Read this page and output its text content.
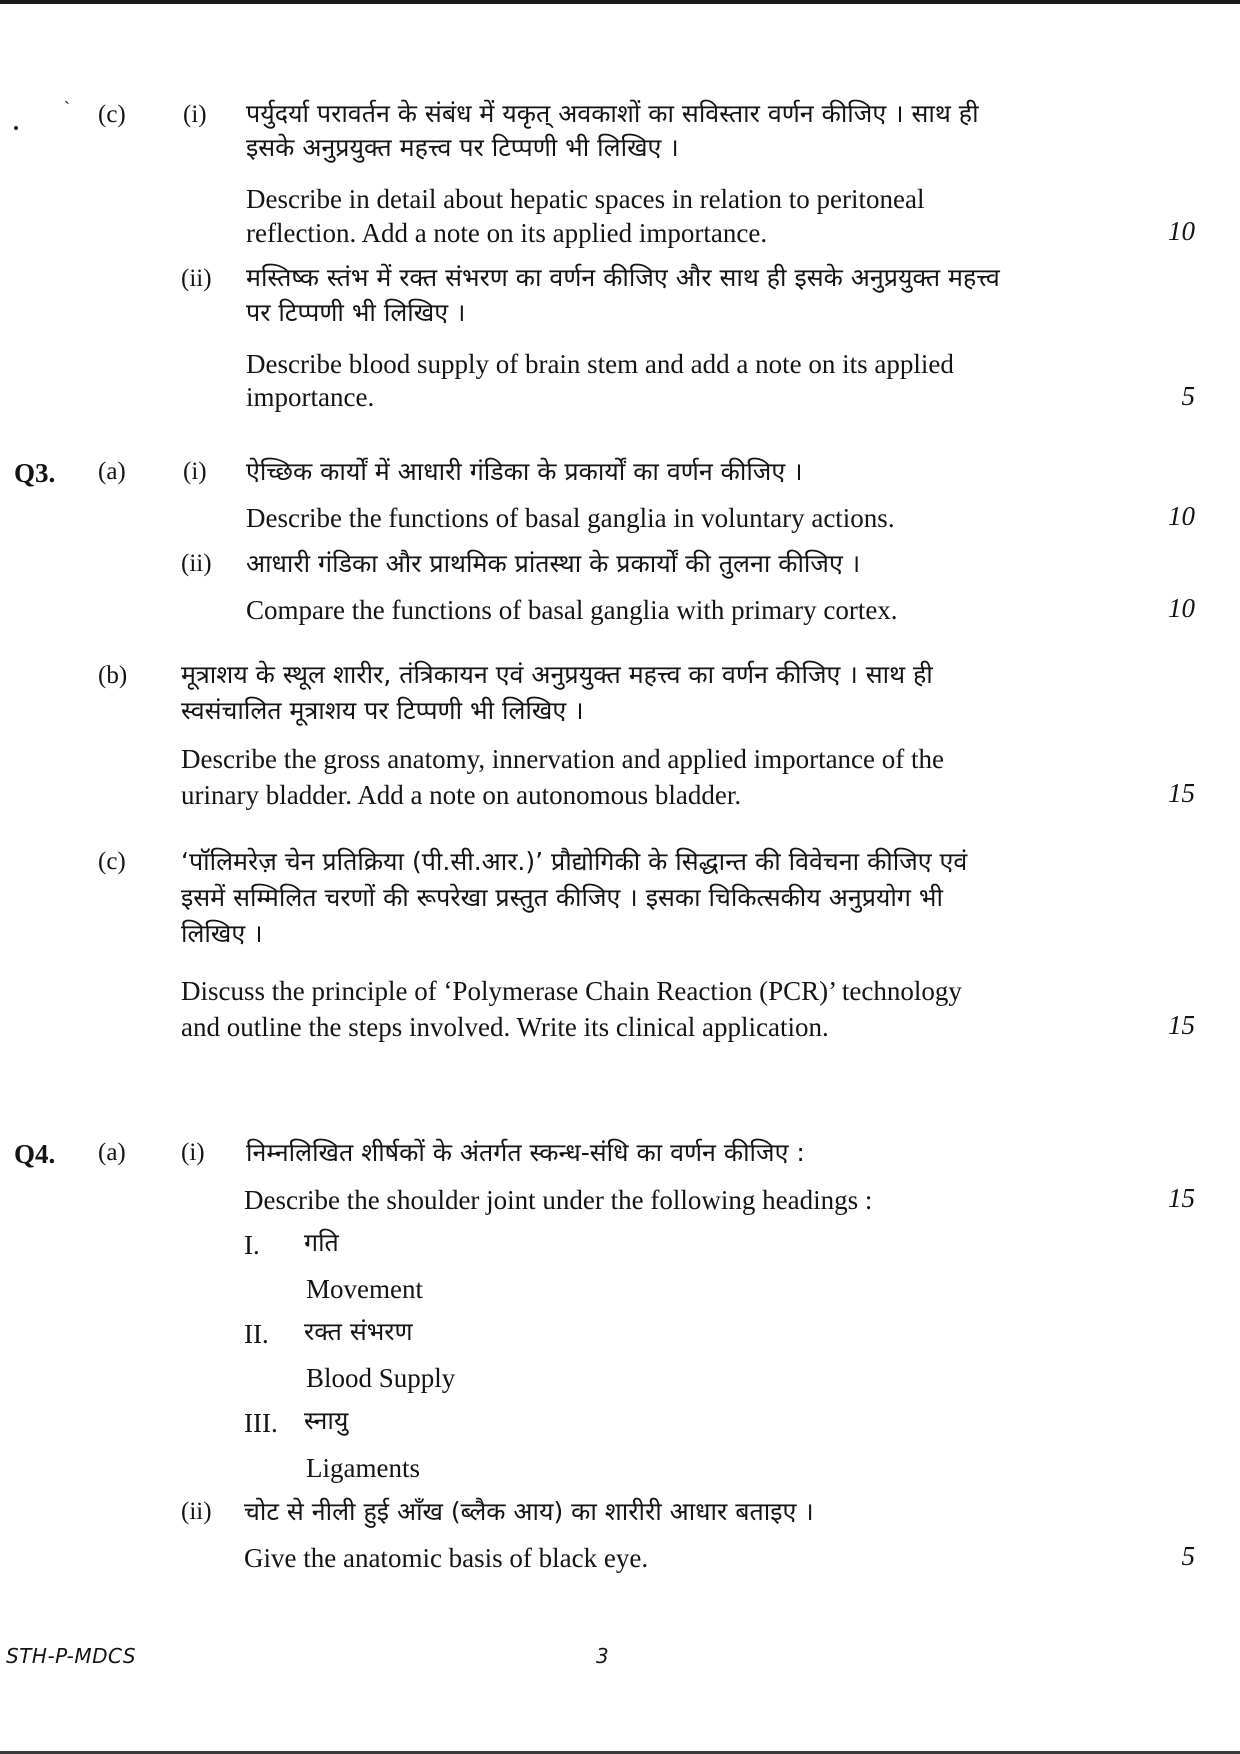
` (c) (i) पर्युदर्या परावर्तन के संबंध में यकृत् अवकाशों का सविस्तार वर्णन कीजिए । साथ ही
इसके अनुप्रयुक्त महत्त्व पर टिप्पणी भी लिखिए ।
Describe in detail about hepatic spaces in relation to peritoneal
reflection. Add a note on its applied importance.	10
(ii) मस्तिष्क स्तंभ में रक्त संभरण का वर्णन कीजिए और साथ ही इसके अनुप्रयुक्त महत्त्व
पर टिप्पणी भी लिखिए ।
Describe blood supply of brain stem and add a note on its applied
importance.	5
Q3. (a) (i) ऐच्छिक कार्यों में आधारी गंडिका के प्रकार्यों का वर्णन कीजिए ।
Describe the functions of basal ganglia in voluntary actions.	10
(ii) आधारी गंडिका और प्राथमिक प्रांतस्था के प्रकार्यों की तुलना कीजिए ।
Compare the functions of basal ganglia with primary cortex.	10
(b) मूत्राशय के स्थूल शारीर, तंत्रिकायन एवं अनुप्रयुक्त महत्त्व का वर्णन कीजिए । साथ ही
स्वसंचालित मूत्राशय पर टिप्पणी भी लिखिए ।
Describe the gross anatomy, innervation and applied importance of the
urinary bladder. Add a note on autonomous bladder.	15
(c) ‘पॉलिमरेज़ चेन प्रतिक्रिया (पी.सी.आर.)’ प्रौद्योगिकी के सिद्धान्त की विवेचना कीजिए एवं
इसमें सम्मिलित चरणों की रूपरेखा प्रस्तुत कीजिए । इसका चिकित्सकीय अनुप्रयोग भी
लिखिए ।
Discuss the principle of ‘Polymerase Chain Reaction (PCR)’ technology
and outline the steps involved. Write its clinical application.	15
Q4. (a) (i) निम्नलिखित शीर्षकों के अंतर्गत स्कन्ध-संधि का वर्णन कीजिए :
Describe the shoulder joint under the following headings :	15
I. गति
Movement
II. रक्त संभरण
Blood Supply
III. स्नायु
Ligaments
(ii) चोट से नीली हुई आँख (ब्लैक आय) का शारीरी आधार बताइए ।
Give the anatomic basis of black eye.	5
STH-P-MDCS	3
